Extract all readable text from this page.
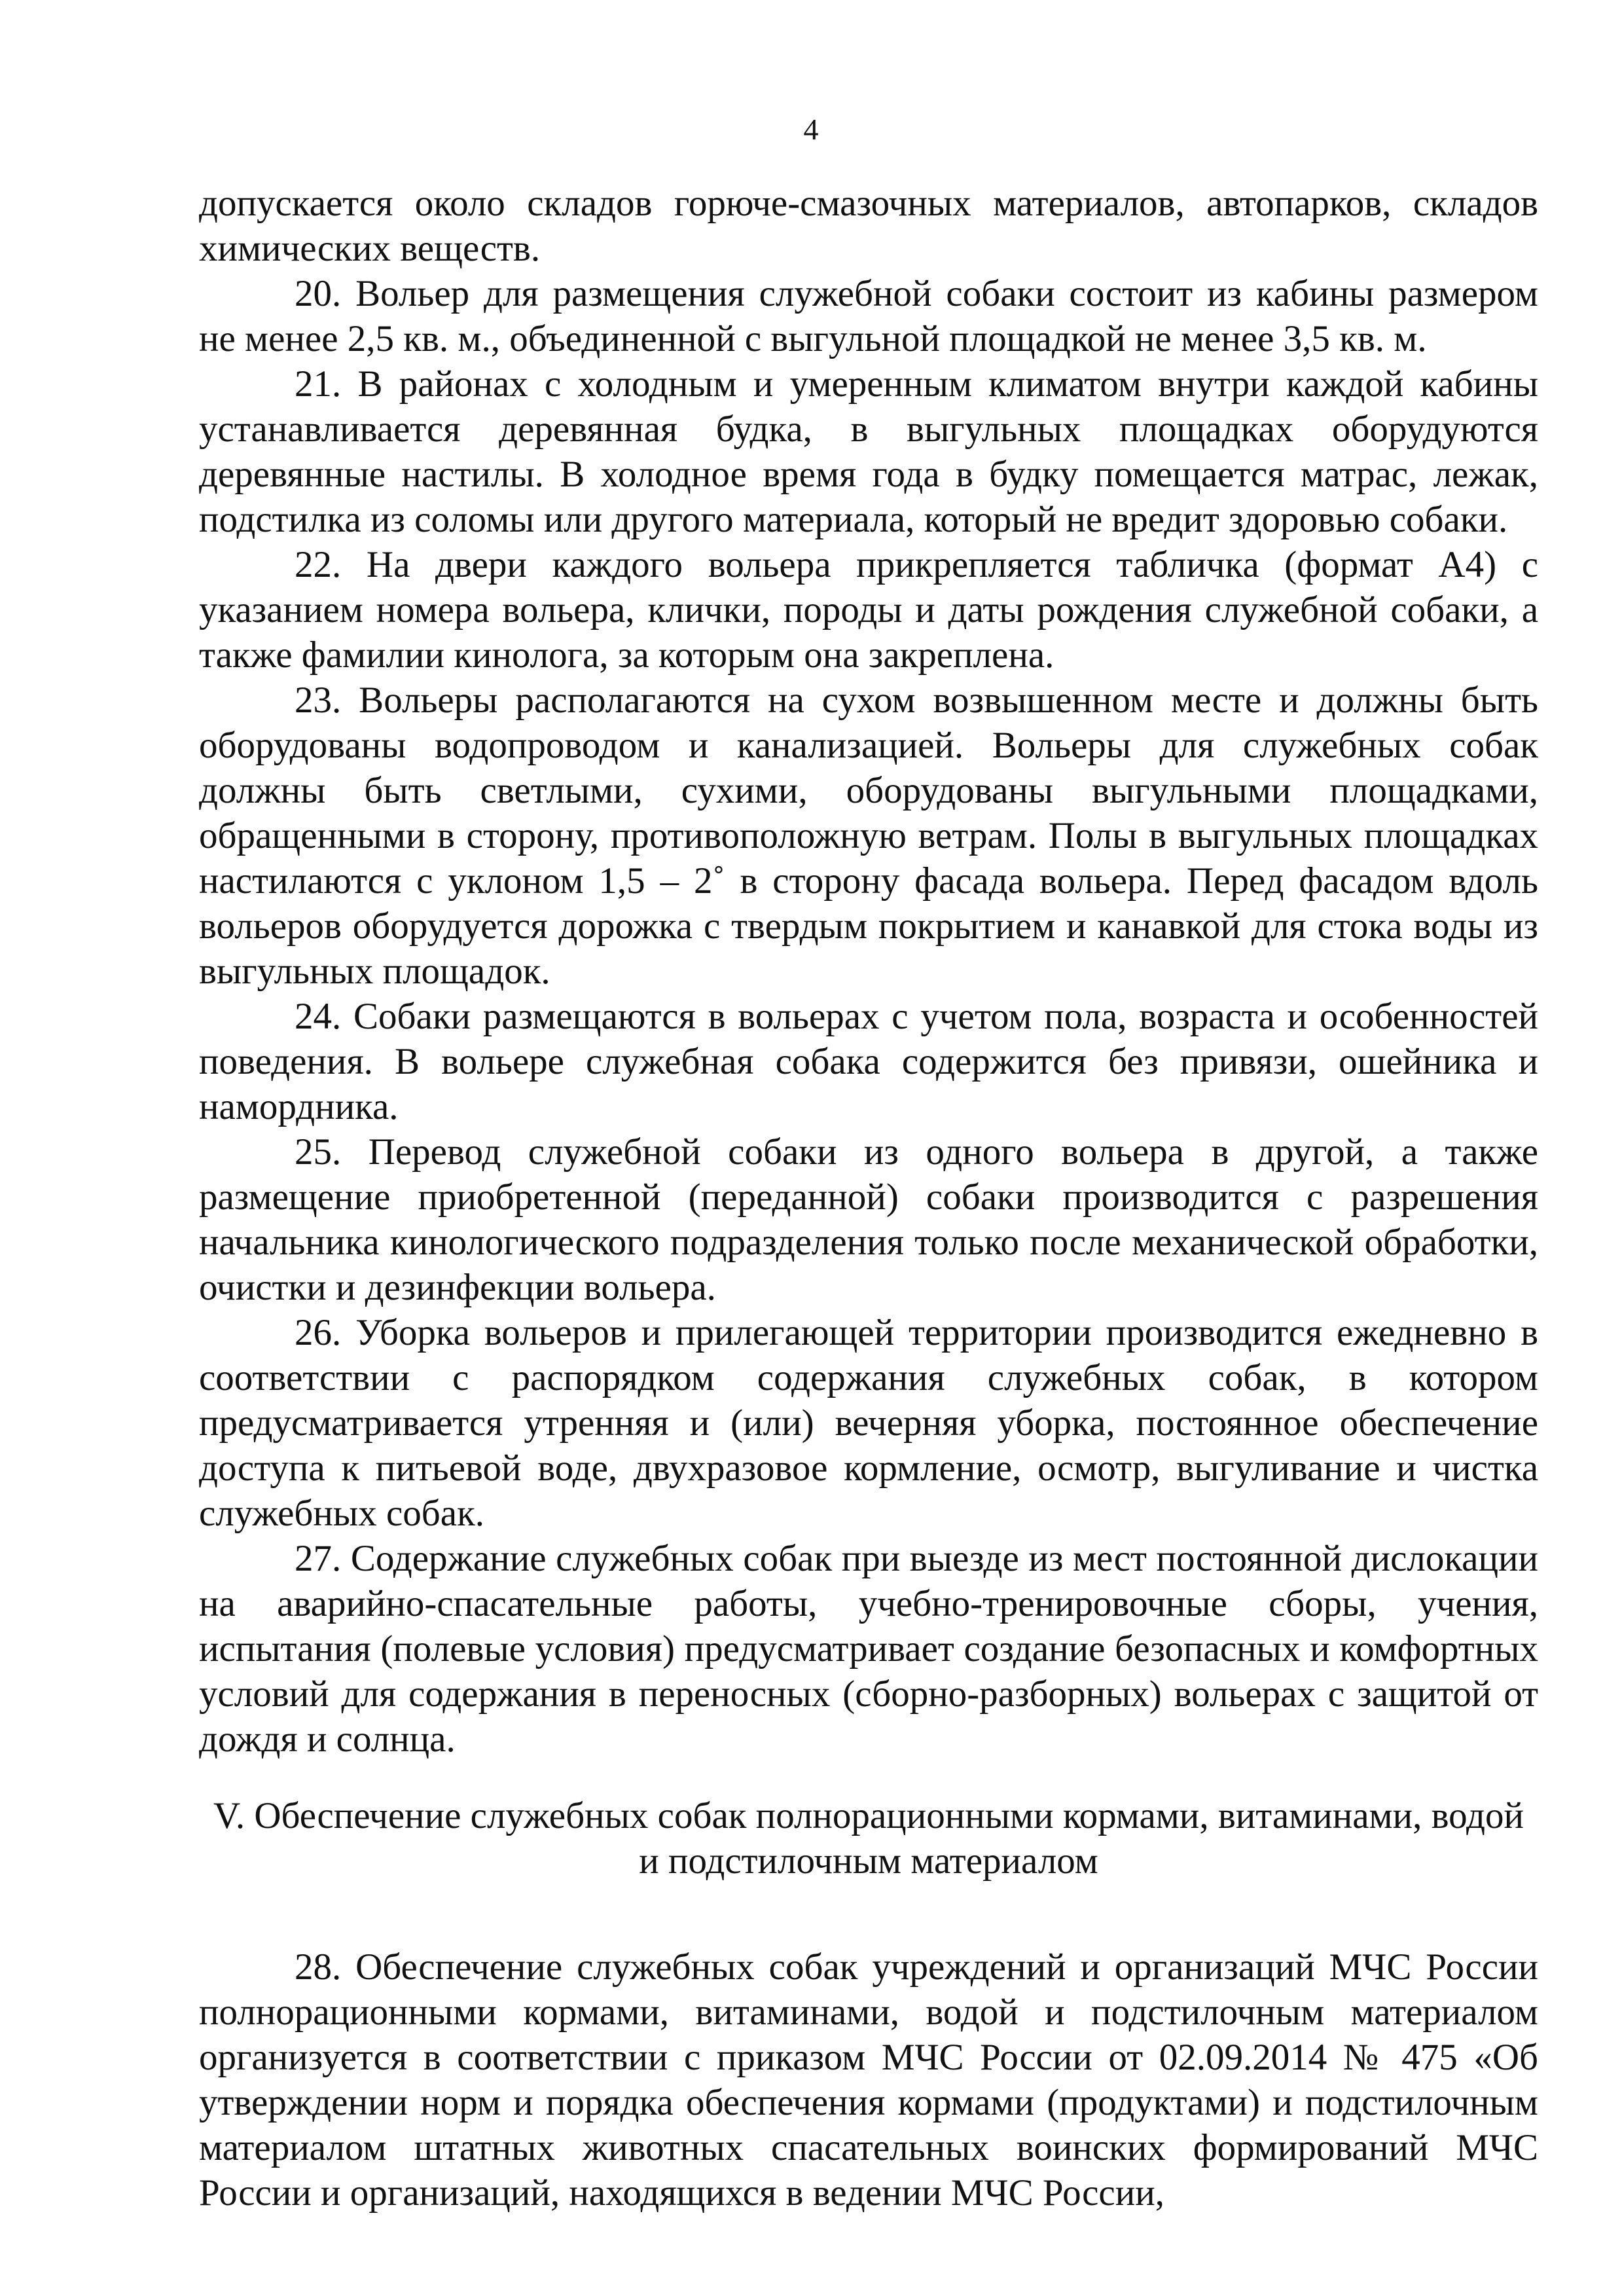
4

допускается около складов горюче-смазочных материалов, автопарков, складов химических веществ.

20. Вольер для размещения служебной собаки состоит из кабины размером не менее 2,5 кв. м., объединенной с выгульной площадкой не менее 3,5 кв. м.

21. В районах с холодным и умеренным климатом внутри каждой кабины устанавливается деревянная будка, в выгульных площадках оборудуются деревянные настилы. В холодное время года в будку помещается матрас, лежак, подстилка из соломы или другого материала, который не вредит здоровью собаки.

22. На двери каждого вольера прикрепляется табличка (формат А4) с указанием номера вольера, клички, породы и даты рождения служебной собаки, а также фамилии кинолога, за которым она закреплена.

23. Вольеры располагаются на сухом возвышенном месте и должны быть оборудованы водопроводом и канализацией. Вольеры для служебных собак должны быть светлыми, сухими, оборудованы выгульными площадками, обращенными в сторону, противоположную ветрам. Полы в выгульных площадках настилаются с уклоном 1,5 – 2˚ в сторону фасада вольера. Перед фасадом вдоль вольеров оборудуется дорожка с твердым покрытием и канавкой для стока воды из выгульных площадок.

24. Собаки размещаются в вольерах с учетом пола, возраста и особенностей поведения. В вольере служебная собака содержится без привязи, ошейника и намордника.

25. Перевод служебной собаки из одного вольера в другой, а также размещение приобретенной (переданной) собаки производится с разрешения начальника кинологического подразделения только после механической обработки, очистки и дезинфекции вольера.

26. Уборка вольеров и прилегающей территории производится ежедневно в соответствии с распорядком содержания служебных собак, в котором предусматривается утренняя и (или) вечерняя уборка, постоянное обеспечение доступа к питьевой воде, двухразовое кормление, осмотр, выгуливание и чистка служебных собак.

27. Содержание служебных собак при выезде из мест постоянной дислокации на аварийно-спасательные работы, учебно-тренировочные сборы, учения, испытания (полевые условия) предусматривает создание безопасных и комфортных условий для содержания в переносных (сборно-разборных) вольерах с защитой от дождя и солнца.

V. Обеспечение служебных собак полнорационными кормами, витаминами, водой
и подстилочным материалом

28. Обеспечение служебных собак учреждений и организаций МЧС России полнорационными кормами, витаминами, водой и подстилочным материалом организуется в соответствии с приказом МЧС России от 02.09.2014 № 475 «Об утверждении норм и порядка обеспечения кормами (продуктами) и подстилочным материалом штатных животных спасательных воинских формирований МЧС России и организаций, находящихся в ведении МЧС России,
